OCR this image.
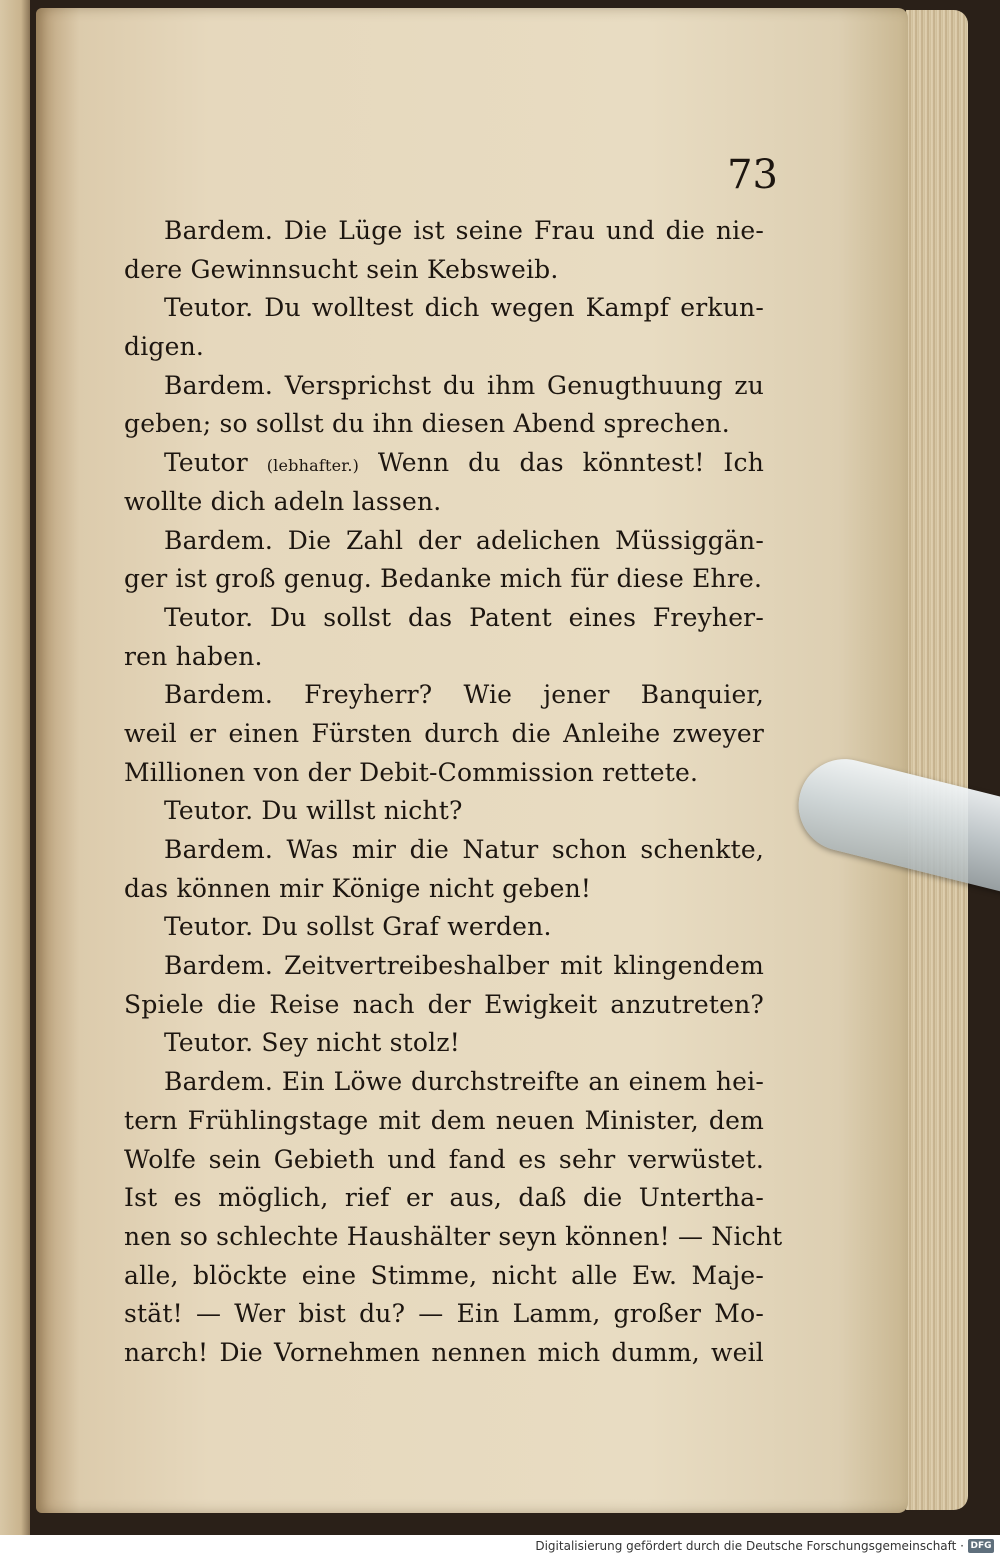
73
Bardem. Die Lüge ist seine Frau und die nie-
dere Gewinnsucht sein Kebsweib.
Teutor. Du wolltest dich wegen Kampf erkun-
digen.
Bardem. Versprichst du ihm Genugthuung zu
geben; so sollst du ihn diesen Abend sprechen.
Teutor (lebhafter.) Wenn du das könntest! Ich
wollte dich adeln lassen.
Bardem. Die Zahl der adelichen Müssiggän-
ger ist groß genug. Bedanke mich für diese Ehre.
Teutor. Du sollst das Patent eines Freyher-
ren haben.
Bardem. Freyherr? Wie jener Banquier,
weil er einen Fürsten durch die Anleihe zweyer
Millionen von der Debit-Commission rettete.
Teutor. Du willst nicht?
Bardem. Was mir die Natur schon schenkte,
das können mir Könige nicht geben!
Teutor. Du sollst Graf werden.
Bardem. Zeitvertreibeshalber mit klingendem
Spiele die Reise nach der Ewigkeit anzutreten?
Teutor. Sey nicht stolz!
Bardem. Ein Löwe durchstreifte an einem hei-
tern Frühlingstage mit dem neuen Minister, dem
Wolfe sein Gebieth und fand es sehr verwüstet.
Ist es möglich, rief er aus, daß die Untertha-
nen so schlechte Haushälter seyn können! — Nicht
alle, blöckte eine Stimme, nicht alle Ew. Maje-
stät! — Wer bist du? — Ein Lamm, großer Mo-
narch! Die Vornehmen nennen mich dumm, weil
Digitalisierung gefördert durch die Deutsche Forschungsgemeinschaft · DFG
